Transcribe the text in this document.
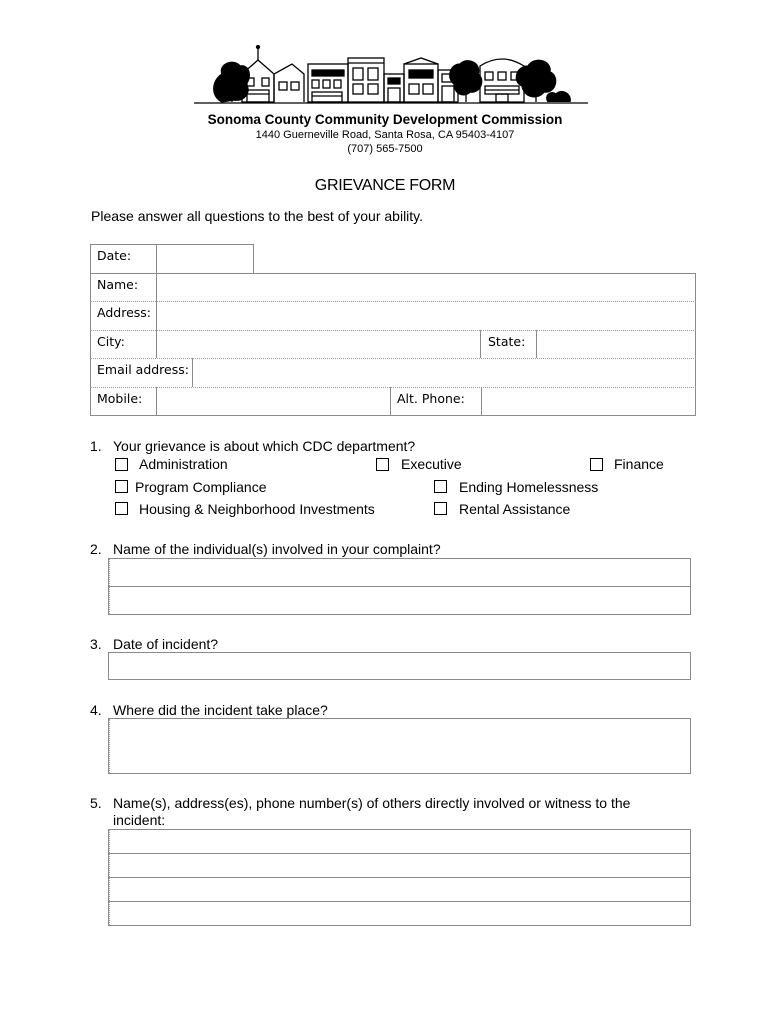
Sonoma County Community Development Commission
1440 Guerneville Road, Santa Rosa, CA 95403-4107
(707) 565-7500
GRIEVANCE FORM
Please answer all questions to the best of your ability.
Date:
Name:
Address:
City:	State:
Email address:
Mobile:	Alt. Phone:
1. Your grievance is about which CDC department?
Administration	Executive	Finance
Program Compliance	Ending Homelessness
Housing & Neighborhood Investments	Rental Assistance
2. Name of the individual(s) involved in your complaint?
3. Date of incident?
4. Where did the incident take place?
5. Name(s), address(es), phone number(s) of others directly involved or witness to the
incident:
